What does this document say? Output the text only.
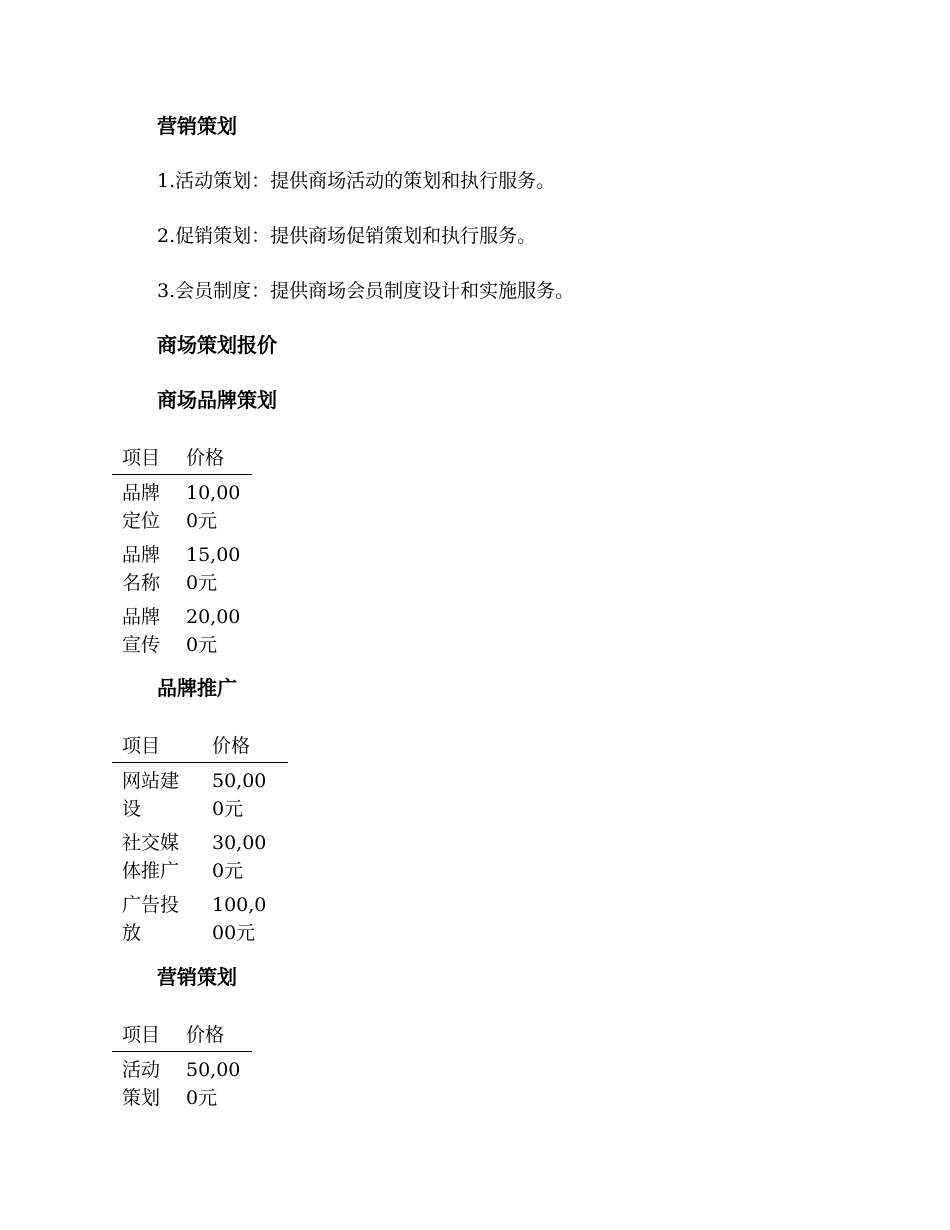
营销策划
1.活动策划：提供商场活动的策划和执行服务。
2.促销策划：提供商场促销策划和执行服务。
3.会员制度：提供商场会员制度设计和实施服务。
商场策划报价
商场品牌策划
项目	价格

品牌定位	10,000元

品牌名称	15,000元

品牌宣传	20,000元
品牌推广
项目	价格

网站建设	50,000元

社交媒体推广	30,000元

广告投放	100,000元
营销策划
项目	价格

活动策划	50,000元
